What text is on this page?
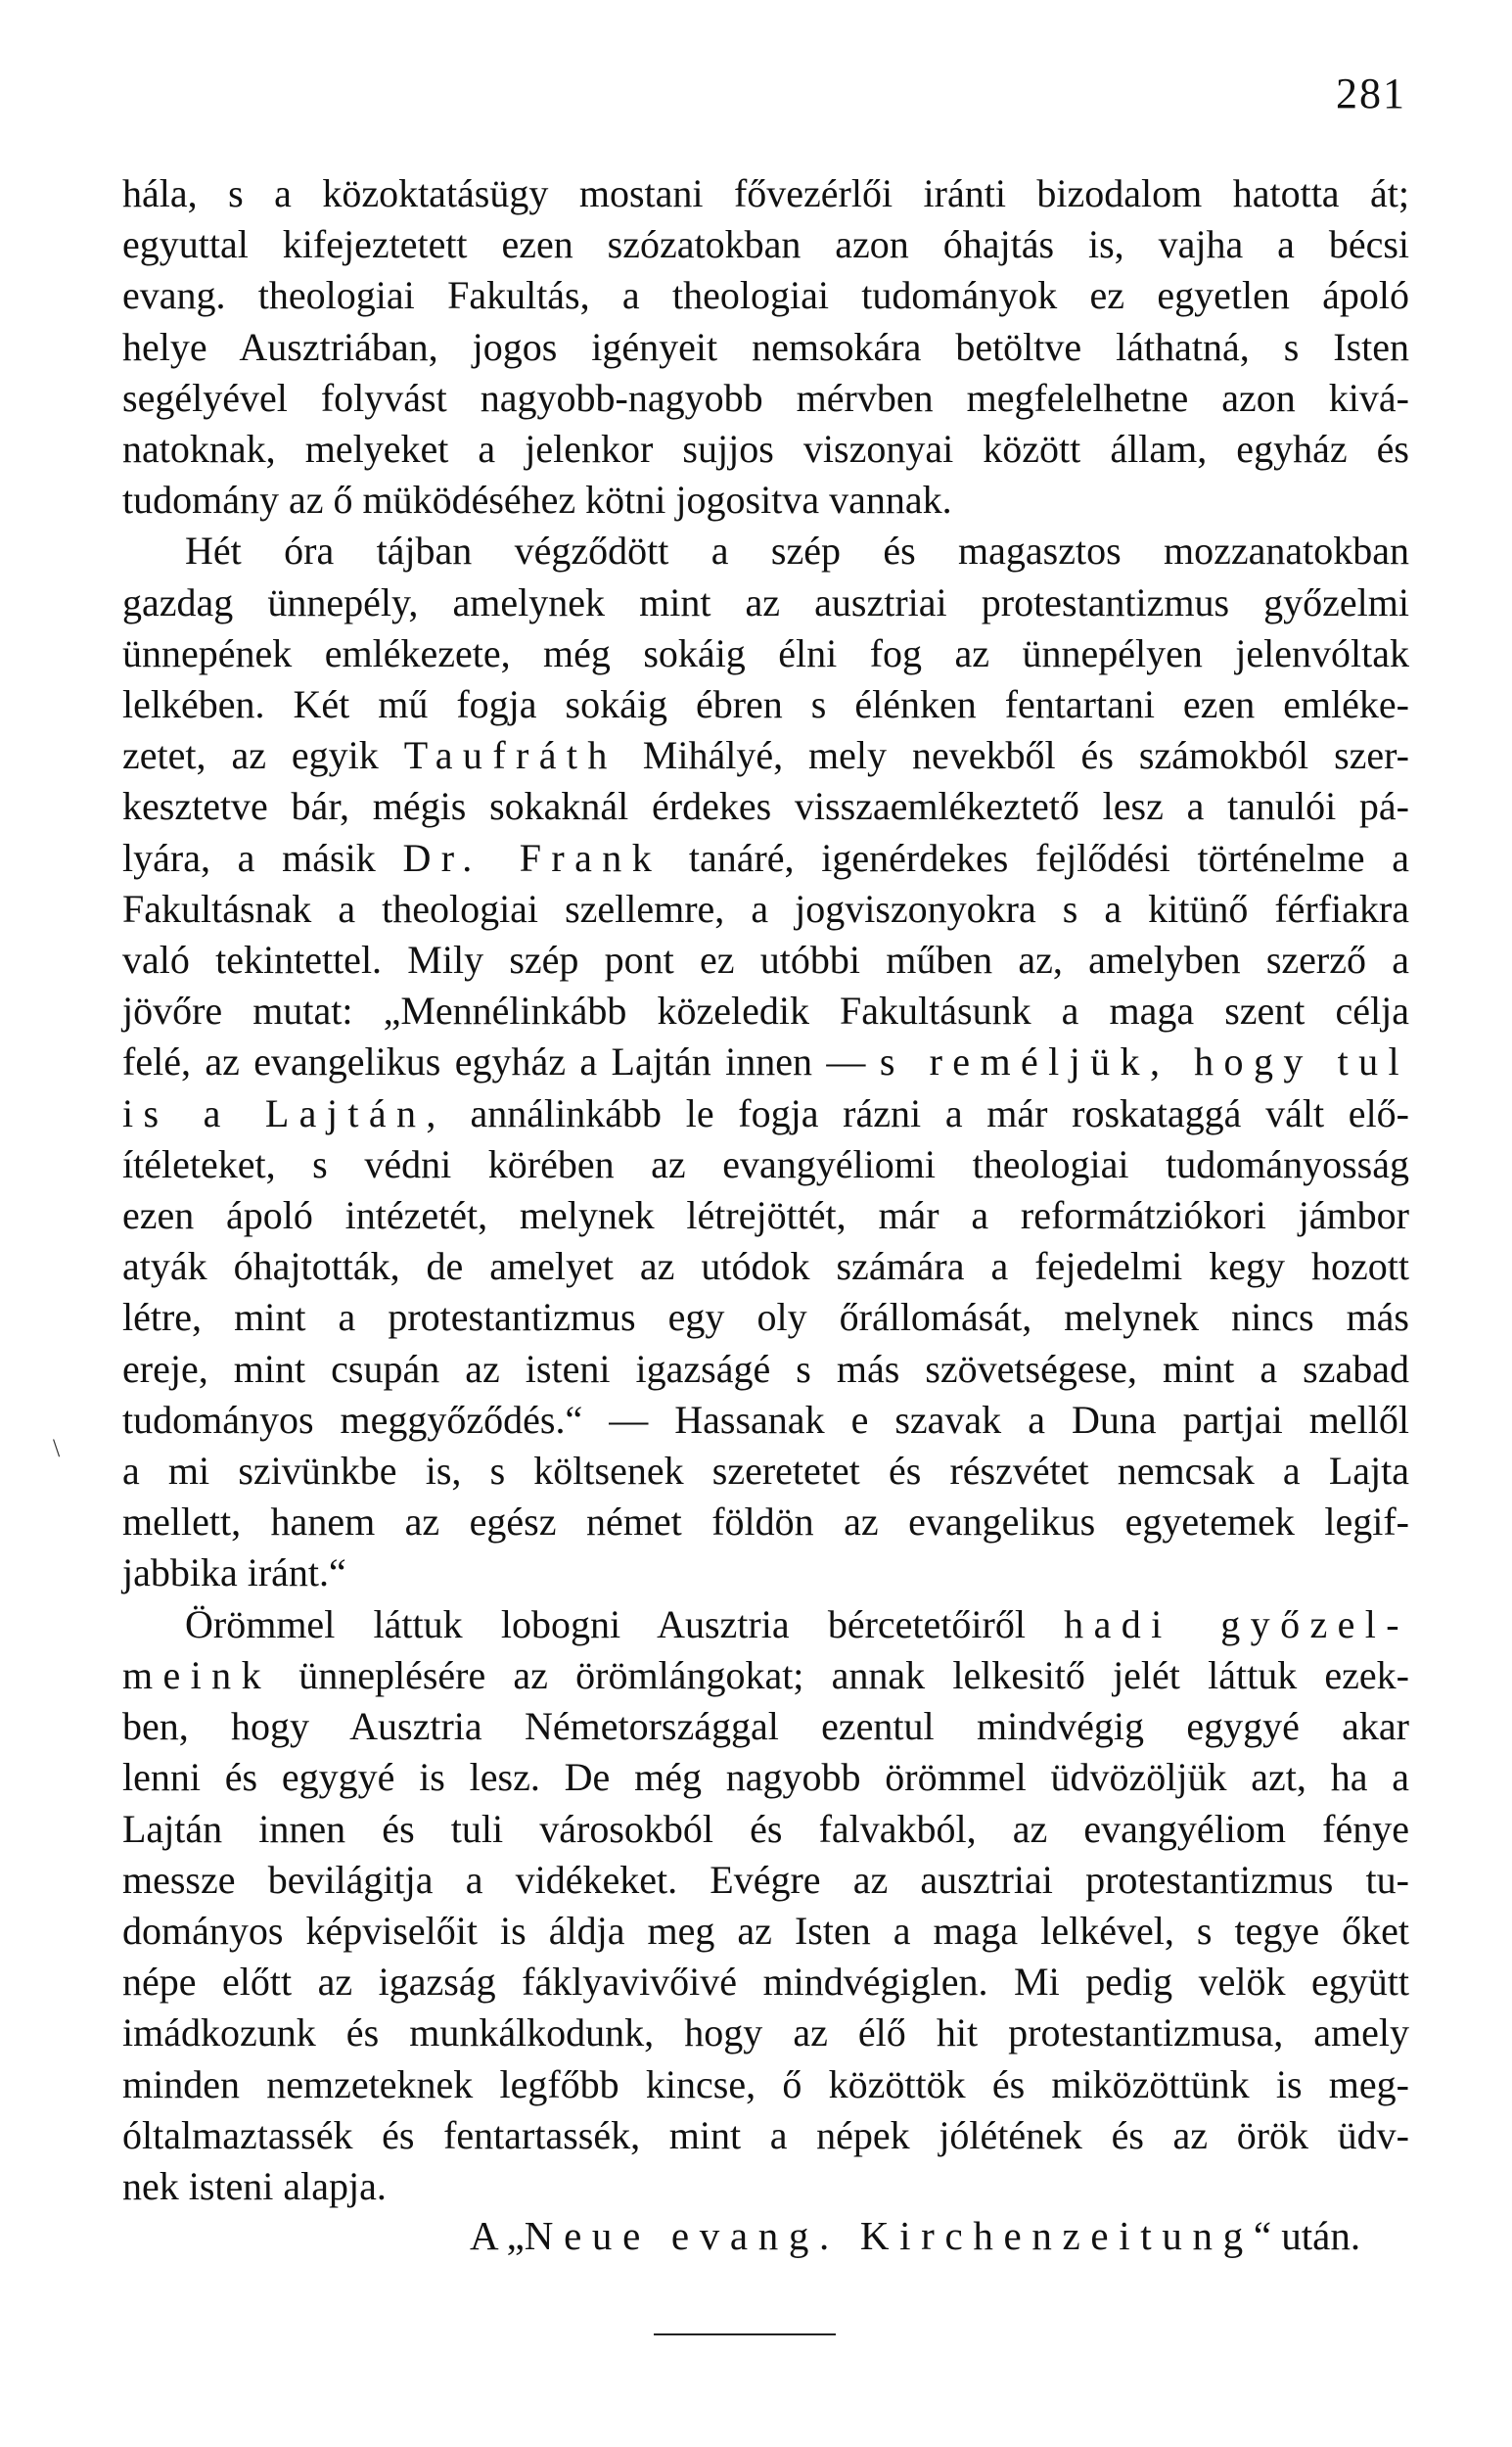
281
hála, s a közoktatásügy mostani fővezérlői iránti bizodalom hatotta át;
egyuttal kifejeztetett ezen szózatokban azon óhajtás is, vajha a bécsi
evang. theologiai Fakultás, a theologiai tudományok ez egyetlen ápoló
helye Ausztriában, jogos igényeit nemsokára betöltve láthatná, s Isten
segélyével folyvást nagyobb-nagyobb mérvben megfelelhetne azon kivá-
natoknak, melyeket a jelenkor sujjos viszonyai között állam, egyház és
tudomány az ő müködéséhez kötni jogositva vannak.
Hét óra tájban végződött a szép és magasztos mozzanatokban
gazdag ünnepély, amelynek mint az ausztriai protestantizmus győzelmi
ünnepének emlékezete, még sokáig élni fog az ünnepélyen jelenvóltak
lelkében. Két mű fogja sokáig ébren s élénken fentartani ezen emléke-
zetet, az egyik Taufráth Mihályé, mely nevekből és számokból szer-
kesztetve bár, mégis sokaknál érdekes visszaemlékeztető lesz a tanulói pá-
lyára, a másik Dr. Frank tanáré, igenérdekes fejlődési történelme a
Fakultásnak a theologiai szellemre, a jogviszonyokra s a kitünő férfiakra
való tekintettel. Mily szép pont ez utóbbi műben az, amelyben szerző a
jövőre mutat: „Mennélinkább közeledik Fakultásunk a maga szent célja
felé, az evangelikus egyház a Lajtán innen — s reméljük, hogy tul
is a Lajtán, annálinkább le fogja rázni a már roskataggá vált elő-
ítéleteket, s védni körében az evangyéliomi theologiai tudományosság
ezen ápoló intézetét, melynek létrejöttét, már a reformátziókori jámbor
atyák óhajtották, de amelyet az utódok számára a fejedelmi kegy hozott
létre, mint a protestantizmus egy oly őrállomását, melynek nincs más
ereje, mint csupán az isteni igazságé s más szövetségese, mint a szabad
tudományos meggyőződés.“ — Hassanak e szavak a Duna partjai mellől
a mi szivünkbe is, s költsenek szeretetet és részvétet nemcsak a Lajta
mellett, hanem az egész német földön az evangelikus egyetemek legif-
jabbika iránt.“
Örömmel láttuk lobogni Ausztria bércetetőiről hadi győzel-
meink ünneplésére az örömlángokat; annak lelkesitő jelét láttuk ezek-
ben, hogy Ausztria Németországgal ezentul mindvégig egygyé akar
lenni és egygyé is lesz. De még nagyobb örömmel üdvözöljük azt, ha a
Lajtán innen és tuli városokból és falvakból, az evangyéliom fénye
messze bevilágitja a vidékeket. Evégre az ausztriai protestantizmus tu-
dományos képviselőit is áldja meg az Isten a maga lelkével, s tegye őket
népe előtt az igazság fáklyavivőivé mindvégiglen. Mi pedig velök együtt
imádkozunk és munkálkodunk, hogy az élő hit protestantizmusa, amely
minden nemzeteknek legfőbb kincse, ő közöttök és miközöttünk is meg-
óltalmaztassék és fentartassék, mint a népek jólétének és az örök üdv-
nek isteni alapja.
A „Neue evang. Kirchenzeitung“ után.
\
